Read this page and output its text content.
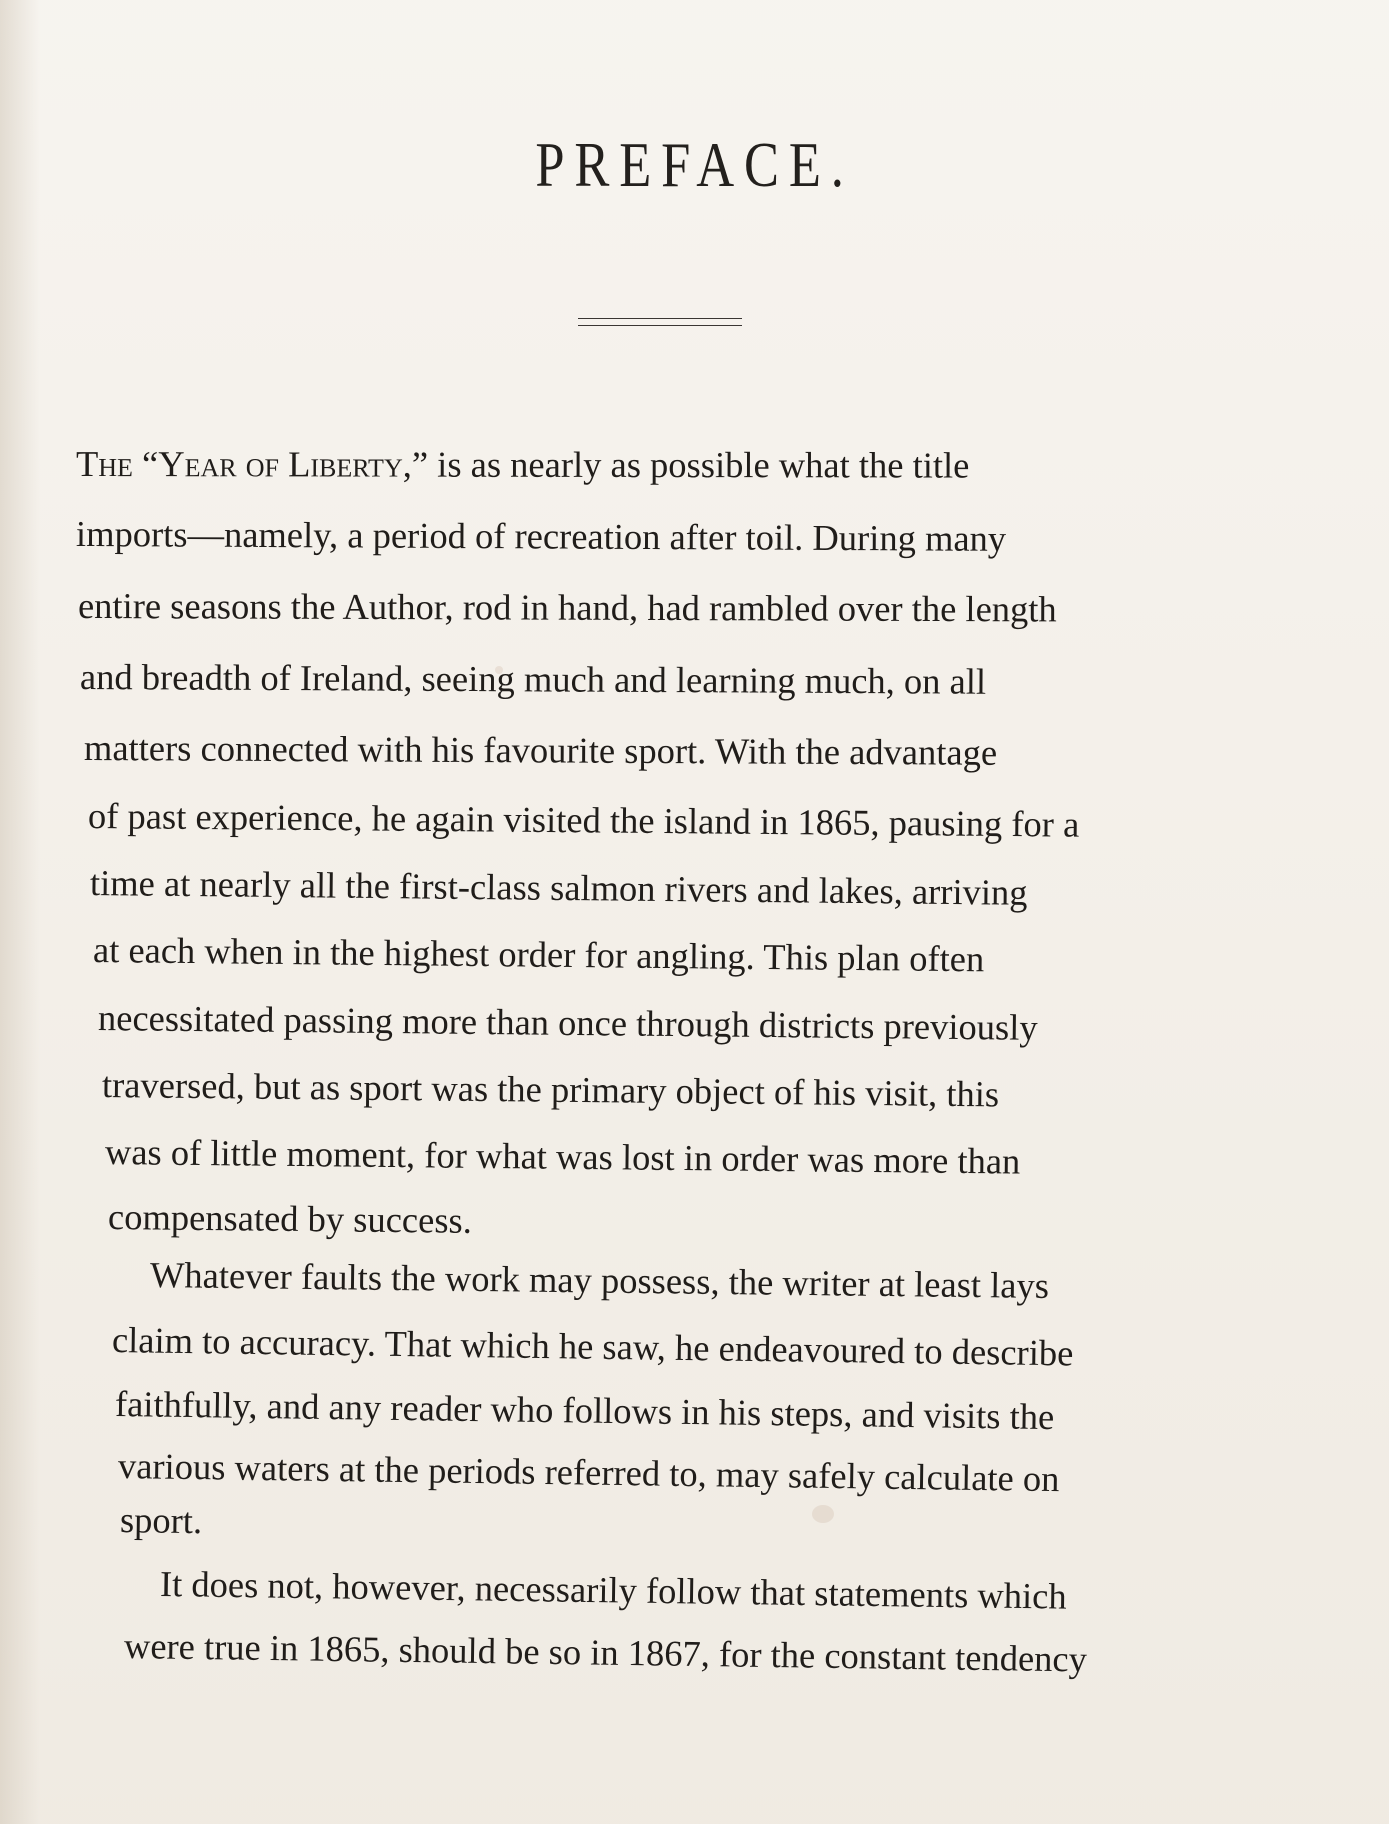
PREFACE.
The “Year of Liberty,” is as nearly as possible what the title
imports—namely, a period of recreation after toil. During many
entire seasons the Author, rod in hand, had rambled over the length
and breadth of Ireland, seeing much and learning much, on all
matters connected with his favourite sport. With the advantage
of past experience, he again visited the island in 1865, pausing for a
time at nearly all the first-class salmon rivers and lakes, arriving
at each when in the highest order for angling. This plan often
necessitated passing more than once through districts previously
traversed, but as sport was the primary object of his visit, this
was of little moment, for what was lost in order was more than
compensated by success.
Whatever faults the work may possess, the writer at least lays
claim to accuracy. That which he saw, he endeavoured to describe
faithfully, and any reader who follows in his steps, and visits the
various waters at the periods referred to, may safely calculate on
sport.
It does not, however, necessarily follow that statements which
were true in 1865, should be so in 1867, for the constant tendency
